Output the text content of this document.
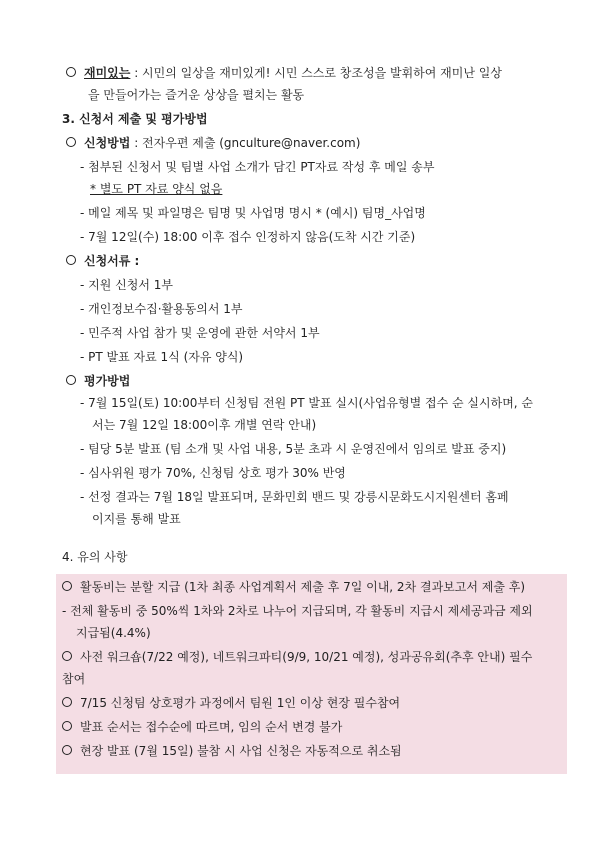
재미있는 : 시민의 일상을 재미있게! 시민 스스로 창조성을 발휘하여 재미난 일상
을 만들어가는 즐거운 상상을 펼치는 활동
3. 신청서 제출 및 평가방법
신청방법 : 전자우편 제출 (gnculture@naver.com)
- 첨부된 신청서 및 팀별 사업 소개가 담긴 PT자료 작성 후 메일 송부
* 별도 PT 자료 양식 없음
- 메일 제목 및 파일명은 팀명 및 사업명 명시 * (예시) 팀명_사업명
- 7월 12일(수) 18:00 이후 접수 인정하지 않음(도착 시간 기준)
신청서류 :
- 지원 신청서 1부
- 개인정보수집·활용동의서 1부
- 민주적 사업 참가 및 운영에 관한 서약서 1부
- PT 발표 자료 1식 (자유 양식)
평가방법
- 7월 15일(토) 10:00부터 신청팀 전원 PT 발표 실시(사업유형별 접수 순 실시하며, 순
서는 7월 12일 18:00이후 개별 연락 안내)
- 팀당 5분 발표 (팀 소개 및 사업 내용, 5분 초과 시 운영진에서 임의로 발표 중지)
- 심사위원 평가 70%, 신청팀 상호 평가 30% 반영
- 선정 결과는 7월 18일 발표되며, 문화민회 밴드 및 강릉시문화도시지원센터 홈페
이지를 통해 발표
4. 유의 사항
활동비는 분할 지급 (1차 최종 사업계획서 제출 후 7일 이내, 2차 결과보고서 제출 후)
- 전체 활동비 중 50%씩 1차와 2차로 나누어 지급되며, 각 활동비 지급시 제세공과금 제외
지급됨(4.4%)
사전 워크숍(7/22 예정), 네트워크파티(9/9, 10/21 예정), 성과공유회(추후 안내) 필수
참여
7/15 신청팀 상호평가 과정에서 팀원 1인 이상 현장 필수참여
발표 순서는 접수순에 따르며, 임의 순서 변경 불가
현장 발표 (7월 15일) 불참 시 사업 신청은 자동적으로 취소됨
